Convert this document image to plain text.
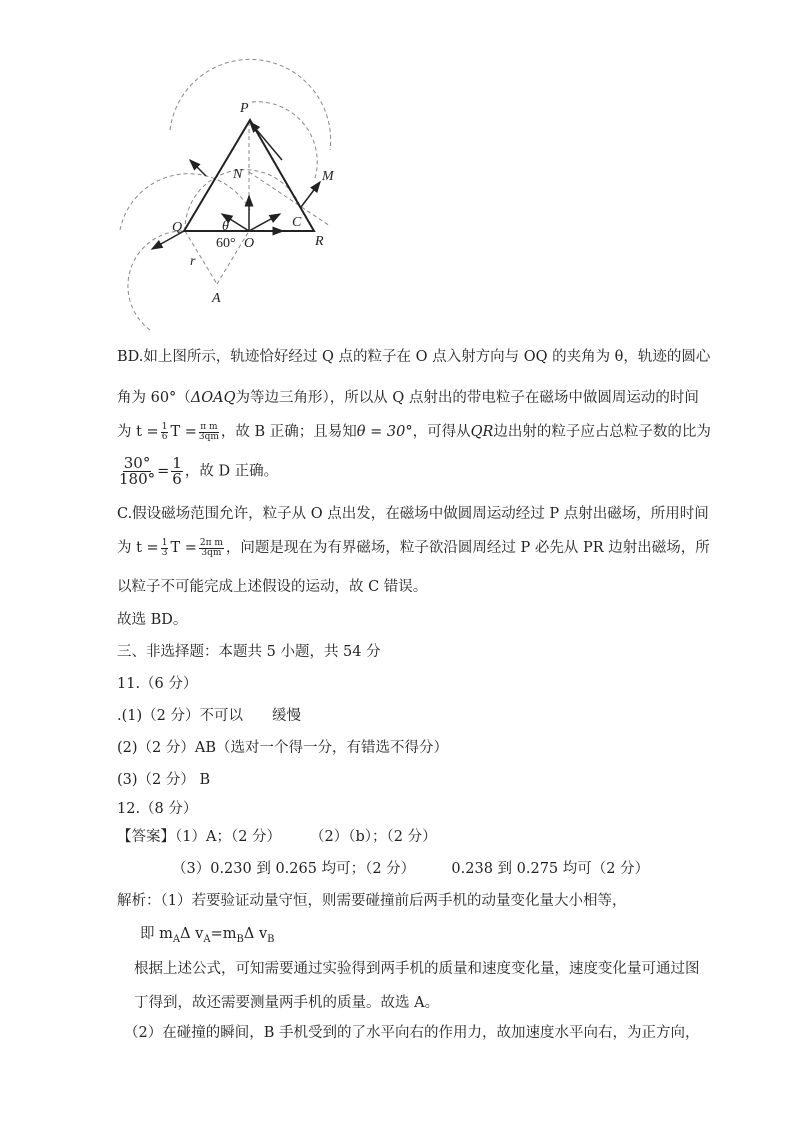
P
Q
R
O
N
C
M
A
r
θ
60°
BD.如上图所示，轨迹恰好经过 Q 点的粒子在 O 点入射方向与 OQ 的夹角为 θ，轨迹的圆心
角为 60°（ΔOAQ为等边三角形），所以从 Q 点射出的带电粒子在磁场中做圆周运动的时间
为 $t = \frac{1}{6}$ $T = \frac{\text{π m}}{3qm}$ ，故 B 正确；且易知θ = 30°，可得从QR边出射的粒子应占总粒子数的比为
$\frac{30^\circ}{180^\circ} = \frac{1}{6}$ ，故 D 正确。
C.假设磁场范围允许，粒子从 O 点出发，在磁场中做圆周运动经过 P 点射出磁场，所用时间
为 $t = \frac{1}{3}$ $T = \frac{\text{2π m}}{3qm}$ ，问题是现在为有界磁场，粒子欲沿圆周经过 P 必先从 PR 边射出磁场，所
以粒子不可能完成上述假设的运动，故 C 错误。
故选 BD。
三、非选择题：本题共 5 小题，共 54 分
11.（6 分）
.(1)（2 分）不可以　　缓慢
(2)（2 分）AB（选对一个得一分，有错选不得分）
(3)（2 分） B
12.（8 分）
【答案】（1）A；（2 分）　　　（2）（b）；（2 分）
（3）0.230 到 0.265 均可；（2 分）　　　0.238 到 0.275 均可（2 分）
解析：（1）若要验证动量守恒，则需要碰撞前后两手机的动量变化量大小相等，
即 $m_A\Delta$ $v_A=m_B\Delta$ $v_B$
根据上述公式，可知需要通过实验得到两手机的质量和速度变化量，速度变化量可通过图
丁得到，故还需要测量两手机的质量。故选 A。
（2）在碰撞的瞬间，B 手机受到的了水平向右的作用力，故加速度水平向右，为正方向，
